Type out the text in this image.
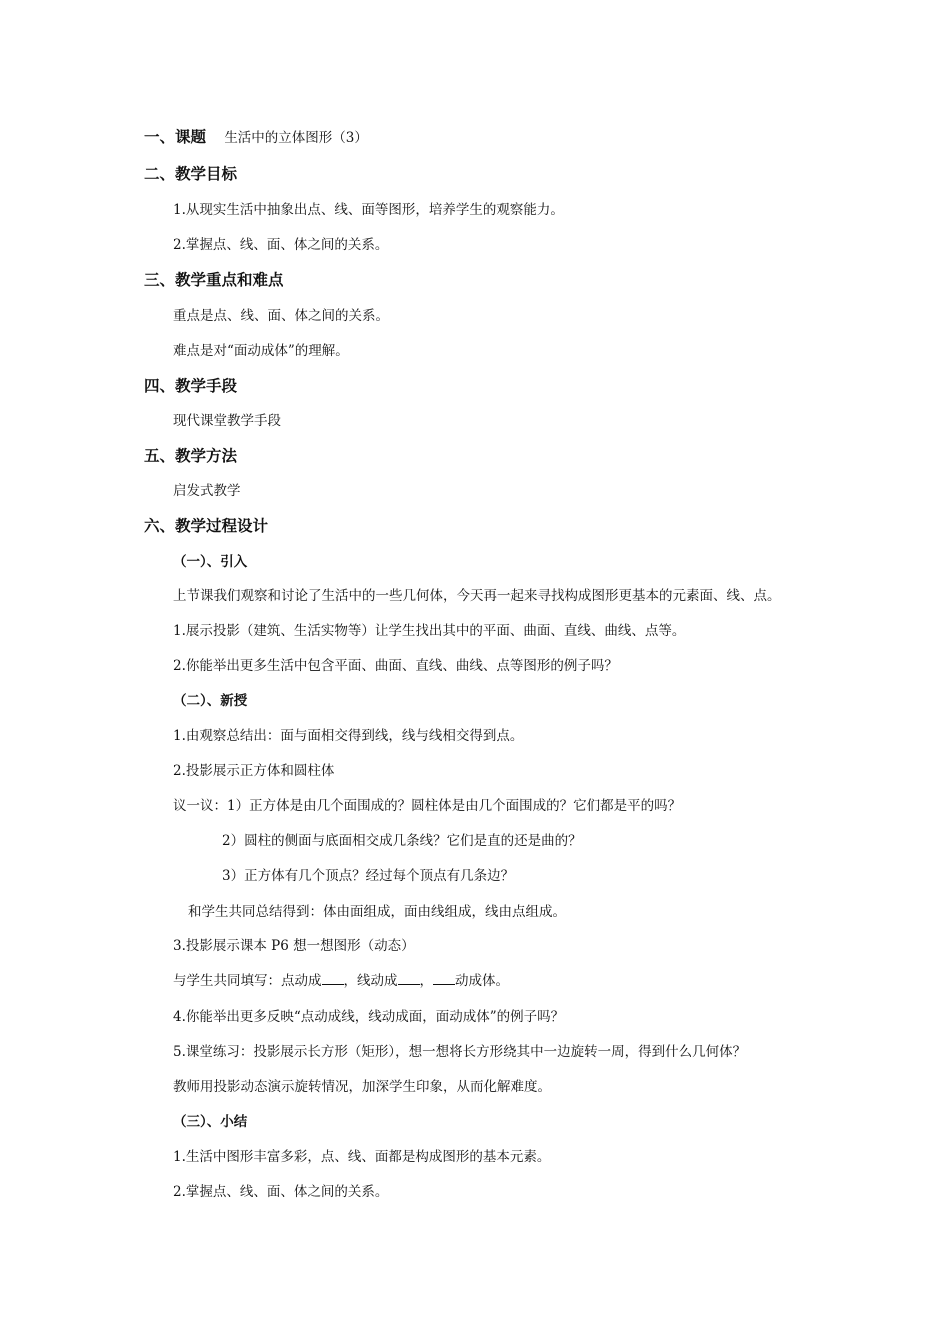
一、课题 生活中的立体图形（3）
二、教学目标
1.从现实生活中抽象出点、线、面等图形，培养学生的观察能力。
2.掌握点、线、面、体之间的关系。
三、教学重点和难点
重点是点、线、面、体之间的关系。
难点是对“面动成体”的理解。
四、教学手段
现代课堂教学手段
五、教学方法
启发式教学
六、教学过程设计
（一）、引入
上节课我们观察和讨论了生活中的一些几何体，今天再一起来寻找构成图形更基本的元素面、线、点。
1.展示投影（建筑、生活实物等）让学生找出其中的平面、曲面、直线、曲线、点等。
2.你能举出更多生活中包含平面、曲面、直线、曲线、点等图形的例子吗？
（二）、新授
1.由观察总结出：面与面相交得到线，线与线相交得到点。
2.投影展示正方体和圆柱体
议一议：1）正方体是由几个面围成的？圆柱体是由几个面围成的？它们都是平的吗？
2）圆柱的侧面与底面相交成几条线？它们是直的还是曲的？
3）正方体有几个顶点？经过每个顶点有几条边？
和学生共同总结得到：体由面组成，面由线组成，线由点组成。
3.投影展示课本 P6 想一想图形（动态）
与学生共同填写：点动成 ，线动成 ， 动成体。
4.你能举出更多反映“点动成线，线动成面，面动成体”的例子吗？
5.课堂练习：投影展示长方形（矩形），想一想将长方形绕其中一边旋转一周，得到什么几何体？
教师用投影动态演示旋转情况，加深学生印象，从而化解难度。
（三）、小结
1.生活中图形丰富多彩，点、线、面都是构成图形的基本元素。
2.掌握点、线、面、体之间的关系。
